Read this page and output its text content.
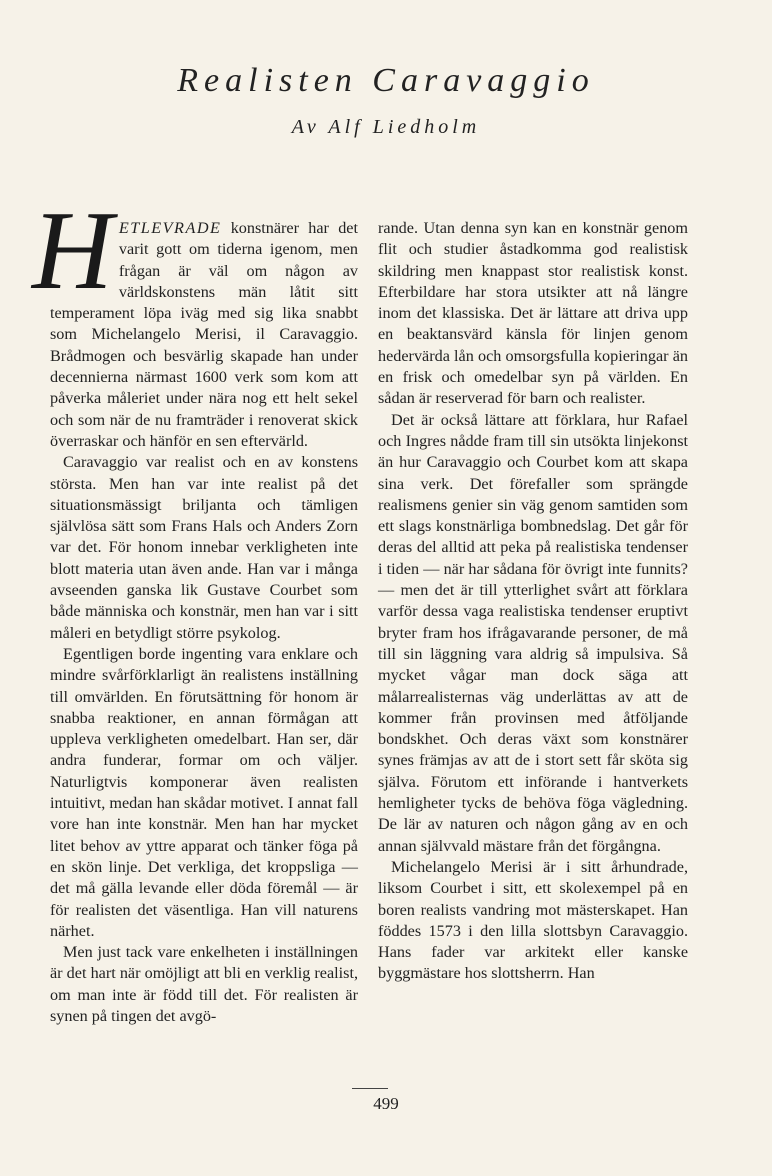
Realisten Caravaggio
Av Alf Liedholm

HETLEVRADE konstnärer har det varit gott om tiderna igenom, men frågan är väl om någon av världskonstens män låtit sitt temperament löpa iväg med sig lika snabbt som Michelangelo Merisi, il Caravaggio. Brådmogen och besvärlig skapade han under decennierna närmast 1600 verk som kom att påverka måleriet under nära nog ett helt sekel och som när de nu framträder i renoverat skick överraskar och hänför en sen eftervärld.

Caravaggio var realist och en av konstens största. Men han var inte realist på det situationsmässigt briljanta och tämligen självlösa sätt som Frans Hals och Anders Zorn var det. För honom innebar verkligheten inte blott materia utan även ande. Han var i många avseenden ganska lik Gustave Courbet som både människa och konstnär, men han var i sitt måleri en betydligt större psykolog.

Egentligen borde ingenting vara enklare och mindre svårförklarligt än realistens inställning till omvärlden. En förutsättning för honom är snabba reaktioner, en annan förmågan att uppleva verkligheten omedelbart. Han ser, där andra funderar, formar om och väljer. Naturligtvis komponerar även realisten intuitivt, medan han skådar motivet. I annat fall vore han inte konstnär. Men han har mycket litet behov av yttre apparat och tänker föga på en skön linje. Det verkliga, det kroppsliga — det må gälla levande eller döda föremål — är för realisten det väsentliga. Han vill naturens närhet.

Men just tack vare enkelheten i inställningen är det hart när omöjligt att bli en verklig realist, om man inte är född till det. För realisten är synen på tingen det avgö-

rande. Utan denna syn kan en konstnär genom flit och studier åstadkomma god realistisk skildring men knappast stor realistisk konst. Efterbildare har stora utsikter att nå längre inom det klassiska. Det är lättare att driva upp en beaktansvärd känsla för linjen genom hedervärda lån och omsorgsfulla kopieringar än en frisk och omedelbar syn på världen. En sådan är reserverad för barn och realister.

Det är också lättare att förklara, hur Rafael och Ingres nådde fram till sin utsökta linjekonst än hur Caravaggio och Courbet kom att skapa sina verk. Det förefaller som sprängde realismens genier sin väg genom samtiden som ett slags konstnärliga bombnedslag. Det går för deras del alltid att peka på realistiska tendenser i tiden — när har sådana för övrigt inte funnits? — men det är till ytterlighet svårt att förklara varför dessa vaga realistiska tendenser eruptivt bryter fram hos ifrågavarande personer, de må till sin läggning vara aldrig så impulsiva. Så mycket vågar man dock säga att målarrealisternas väg underlättas av att de kommer från provinsen med åtföljande bondskhet. Och deras växt som konstnärer synes främjas av att de i stort sett får sköta sig själva. Förutom ett införande i hantverkets hemligheter tycks de behöva föga vägledning. De lär av naturen och någon gång av en och annan självvald mästare från det förgångna.

Michelangelo Merisi är i sitt århundrade, liksom Courbet i sitt, ett skolexempel på en boren realists vandring mot mästerskapet. Han föddes 1573 i den lilla slottsbyn Caravaggio. Hans fader var arkitekt eller kanske byggmästare hos slottsherrn. Han

499
